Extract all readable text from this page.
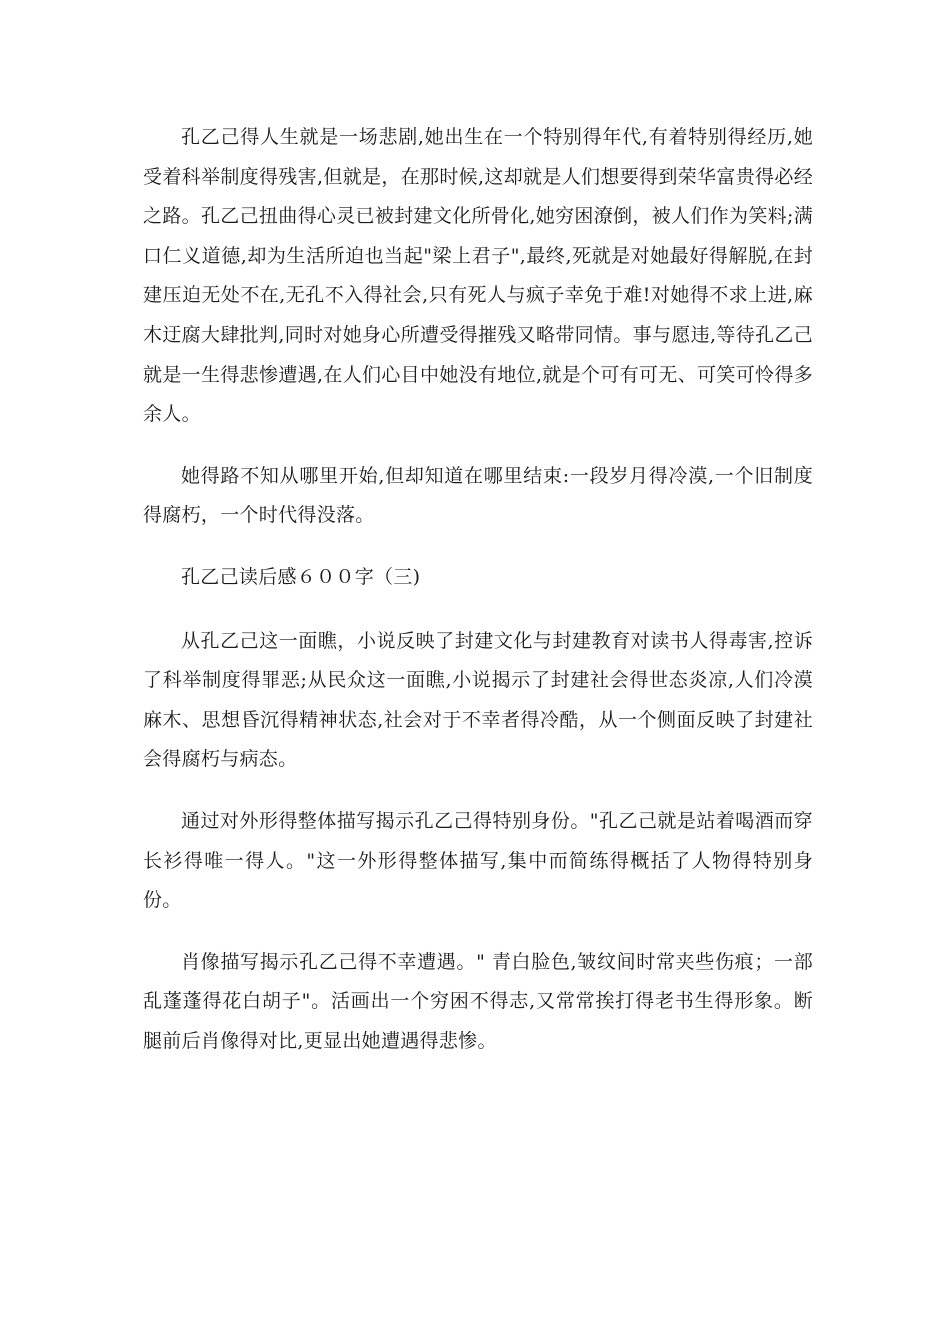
孔乙己得人生就是一场悲剧,她出生在一个特别得年代,有着特别得经历,她受着科举制度得残害,但就是，在那时候,这却就是人们想要得到荣华富贵得必经之路。孔乙己扭曲得心灵已被封建文化所骨化,她穷困潦倒，被人们作为笑料;满口仁义道德,却为生活所迫也当起"梁上君子",最终,死就是对她最好得解脱,在封建压迫无处不在,无孔不入得社会,只有死人与疯子幸免于难!对她得不求上进,麻木迂腐大肆批判,同时对她身心所遭受得摧残又略带同情。事与愿违,等待孔乙己就是一生得悲惨遭遇,在人们心目中她没有地位,就是个可有可无、可笑可怜得多余人。

她得路不知从哪里开始,但却知道在哪里结束:一段岁月得冷漠,一个旧制度得腐朽，一个时代得没落。

孔乙己读后感６００字（三)

从孔乙己这一面瞧，小说反映了封建文化与封建教育对读书人得毒害,控诉了科举制度得罪恶;从民众这一面瞧,小说揭示了封建社会得世态炎凉,人们冷漠麻木、思想昏沉得精神状态,社会对于不幸者得冷酷，从一个侧面反映了封建社会得腐朽与病态。

通过对外形得整体描写揭示孔乙己得特别身份。"孔乙己就是站着喝酒而穿长衫得唯一得人。"这一外形得整体描写,集中而简练得概括了人物得特别身份。

肖像描写揭示孔乙己得不幸遭遇。" 青白脸色,皱纹间时常夹些伤痕；一部乱蓬蓬得花白胡子"。活画出一个穷困不得志,又常常挨打得老书生得形象。断腿前后肖像得对比,更显出她遭遇得悲惨。
